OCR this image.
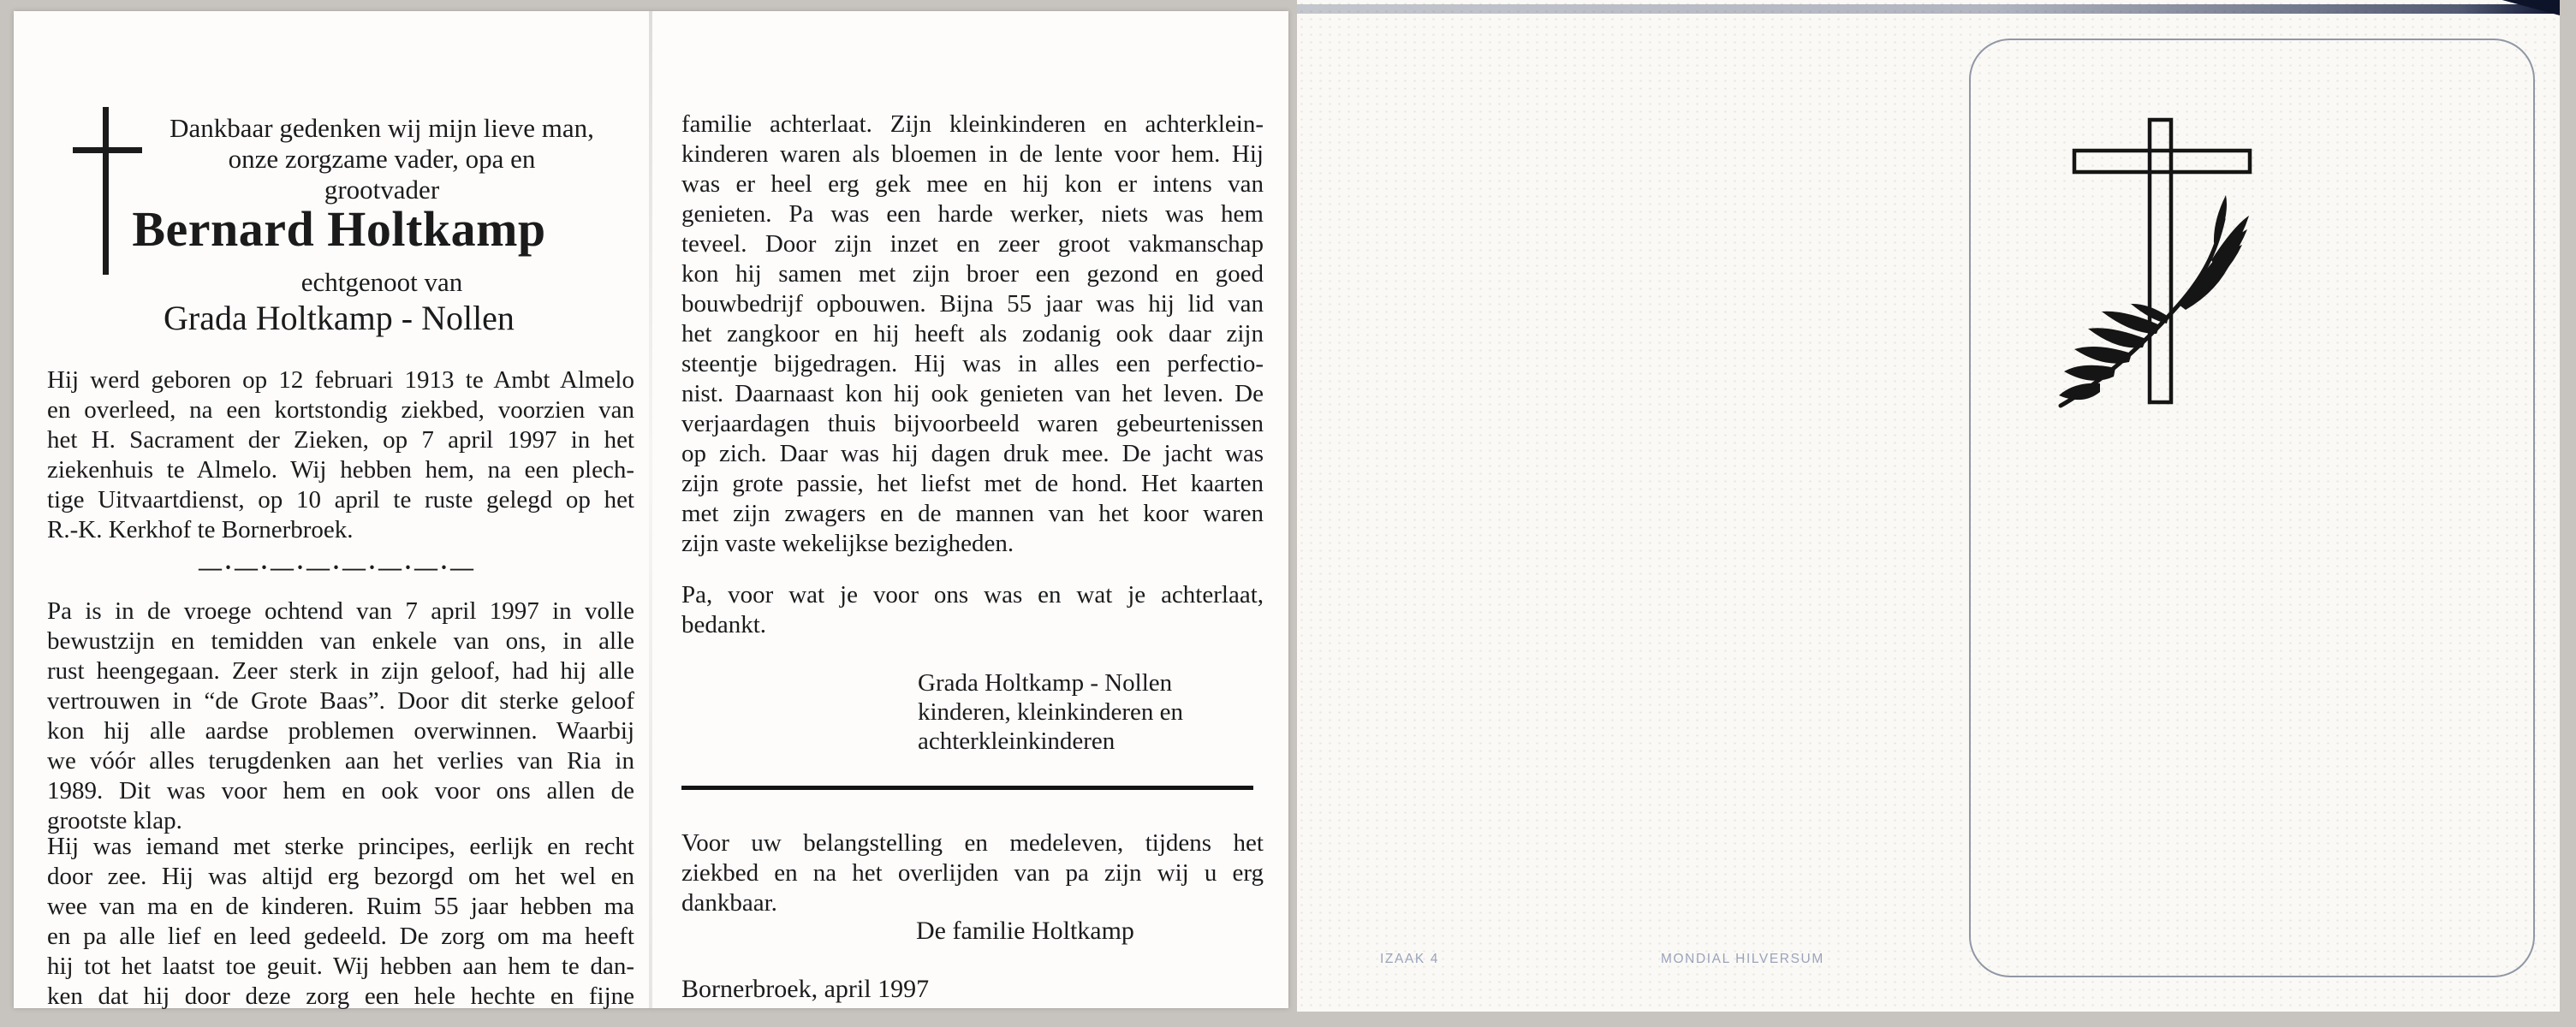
Dankbaar gedenken wij mijn lieve man,
onze zorgzame vader, opa en
grootvader
Bernard Holtkamp
echtgenoot van
Grada Holtkamp - Nollen
Hij werd geboren op 12 februari 1913 te Ambt Almelo
en overleed, na een kortstondig ziekbed, voorzien van
het H. Sacrament der Zieken, op 7 april 1997 in het
ziekenhuis te Almelo. Wij hebben hem, na een plech-
tige Uitvaartdienst, op 10 april te ruste gelegd op het
R.-K. Kerkhof te Bornerbroek.
—·—·—·—·—·—·—·—
Pa is in de vroege ochtend van 7 april 1997 in volle
bewustzijn en temidden van enkele van ons, in alle
rust heengegaan. Zeer sterk in zijn geloof, had hij alle
vertrouwen in “de Grote Baas”. Door dit sterke geloof
kon hij alle aardse problemen overwinnen. Waarbij
we vóór alles terugdenken aan het verlies van Ria in
1989. Dit was voor hem en ook voor ons allen de
grootste klap.
Hij was iemand met sterke principes, eerlijk en recht
door zee. Hij was altijd erg bezorgd om het wel en
wee van ma en de kinderen. Ruim 55 jaar hebben ma
en pa alle lief en leed gedeeld. De zorg om ma heeft
hij tot het laatst toe geuit. Wij hebben aan hem te dan-
ken dat hij door deze zorg een hele hechte en fijne
familie achterlaat. Zijn kleinkinderen en achterklein-
kinderen waren als bloemen in de lente voor hem. Hij
was er heel erg gek mee en hij kon er intens van
genieten. Pa was een harde werker, niets was hem
teveel. Door zijn inzet en zeer groot vakmanschap
kon hij samen met zijn broer een gezond en goed
bouwbedrijf opbouwen. Bijna 55 jaar was hij lid van
het zangkoor en hij heeft als zodanig ook daar zijn
steentje bijgedragen. Hij was in alles een perfectio-
nist. Daarnaast kon hij ook genieten van het leven. De
verjaardagen thuis bijvoorbeeld waren gebeurtenissen
op zich. Daar was hij dagen druk mee. De jacht was
zijn grote passie, het liefst met de hond. Het kaarten
met zijn zwagers en de mannen van het koor waren
zijn vaste wekelijkse bezigheden.
Pa, voor wat je voor ons was en wat je achterlaat,
bedankt.
Grada Holtkamp - Nollen
kinderen, kleinkinderen en
achterkleinkinderen
Voor uw belangstelling en medeleven, tijdens het
ziekbed en na het overlijden van pa zijn wij u erg
dankbaar.
De familie Holtkamp
Bornerbroek, april 1997
IZAAK 4	MONDIAL HILVERSUM
